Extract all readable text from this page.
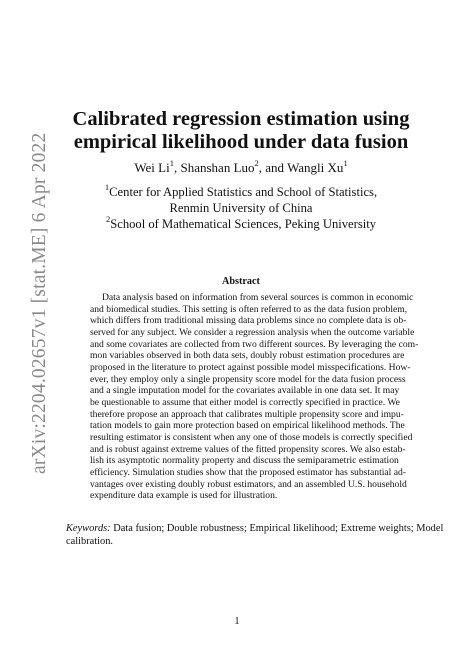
arXiv:2204.02657v1 [stat.ME] 6 Apr 2022
Calibrated regression estimation using
empirical likelihood under data fusion
Wei Li$^1$, Shanshan Luo$^2$, and Wangli Xu$^1$
$^1$Center for Applied Statistics and School of Statistics,
Renmin University of China
$^2$School of Mathematical Sciences, Peking University
Abstract
Data analysis based on information from several sources is common in economic
and biomedical studies. This setting is often referred to as the data fusion problem,
which differs from traditional missing data problems since no complete data is ob-
served for any subject. We consider a regression analysis when the outcome variable
and some covariates are collected from two different sources. By leveraging the com-
mon variables observed in both data sets, doubly robust estimation procedures are
proposed in the literature to protect against possible model misspecifications. How-
ever, they employ only a single propensity score model for the data fusion process
and a single imputation model for the covariates available in one data set. It may
be questionable to assume that either model is correctly specified in practice. We
therefore propose an approach that calibrates multiple propensity score and impu-
tation models to gain more protection based on empirical likelihood methods. The
resulting estimator is consistent when any one of those models is correctly specified
and is robust against extreme values of the fitted propensity scores. We also estab-
lish its asymptotic normality property and discuss the semiparametric estimation
efficiency. Simulation studies show that the proposed estimator has substantial ad-
vantages over existing doubly robust estimators, and an assembled U.S. household
expenditure data example is used for illustration.
Keywords: Data fusion; Double robustness; Empirical likelihood; Extreme weights; Model
calibration.
1
